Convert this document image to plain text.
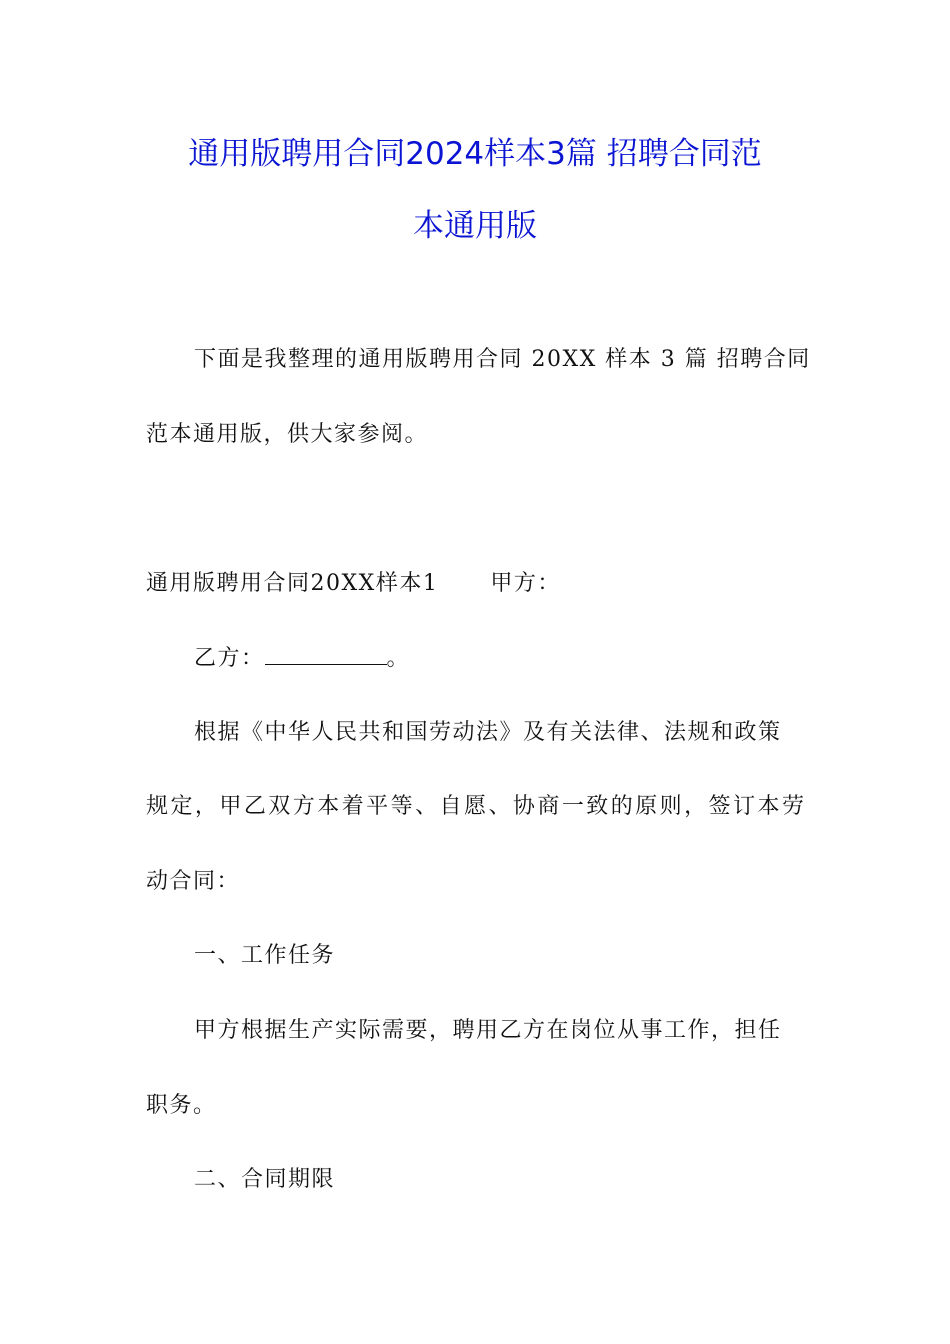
通用版聘用合同2024样本3篇 招聘合同范
本通用版
下面是我整理的通用版聘用合同 20XX 样本 3 篇 招聘合同
范本通用版，供大家参阅。
通用版聘用合同20XX样本1 甲方：
乙方：	。
根据《中华人民共和国劳动法》及有关法律、法规和政策
规定，甲乙双方本着平等、自愿、协商一致的原则，签订本劳
动合同：
一、工作任务
甲方根据生产实际需要，聘用乙方在岗位从事工作，担任
职务。
二、合同期限
